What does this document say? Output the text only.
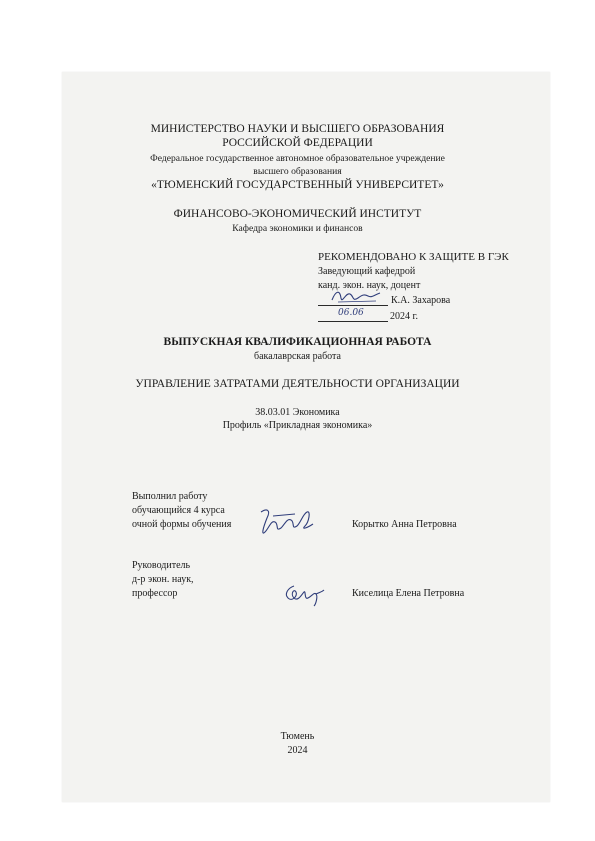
МИНИСТЕРСТВО НАУКИ И ВЫСШЕГО ОБРАЗОВАНИЯ
РОССИЙСКОЙ ФЕДЕРАЦИИ
Федеральное государственное автономное образовательное учреждение
высшего образования
«ТЮМЕНСКИЙ ГОСУДАРСТВЕННЫЙ УНИВЕРСИТЕТ»
ФИНАНСОВО-ЭКОНОМИЧЕСКИЙ ИНСТИТУТ
Кафедра экономики и финансов
РЕКОМЕНДОВАНО К ЗАЩИТЕ В ГЭК
Заведующий кафедрой
канд. экон. наук, доцент
К.А. Захарова
06.06	2024 г.
ВЫПУСКНАЯ КВАЛИФИКАЦИОННАЯ РАБОТА
бакалаврская работа
УПРАВЛЕНИЕ ЗАТРАТАМИ ДЕЯТЕЛЬНОСТИ ОРГАНИЗАЦИИ
38.03.01 Экономика
Профиль «Прикладная экономика»
Выполнил работу
обучающийся 4 курса
очной формы обучения	Корытко Анна Петровна
Руководитель
д-р экон. наук,
профессор	Киселица Елена Петровна
Тюмень
2024
